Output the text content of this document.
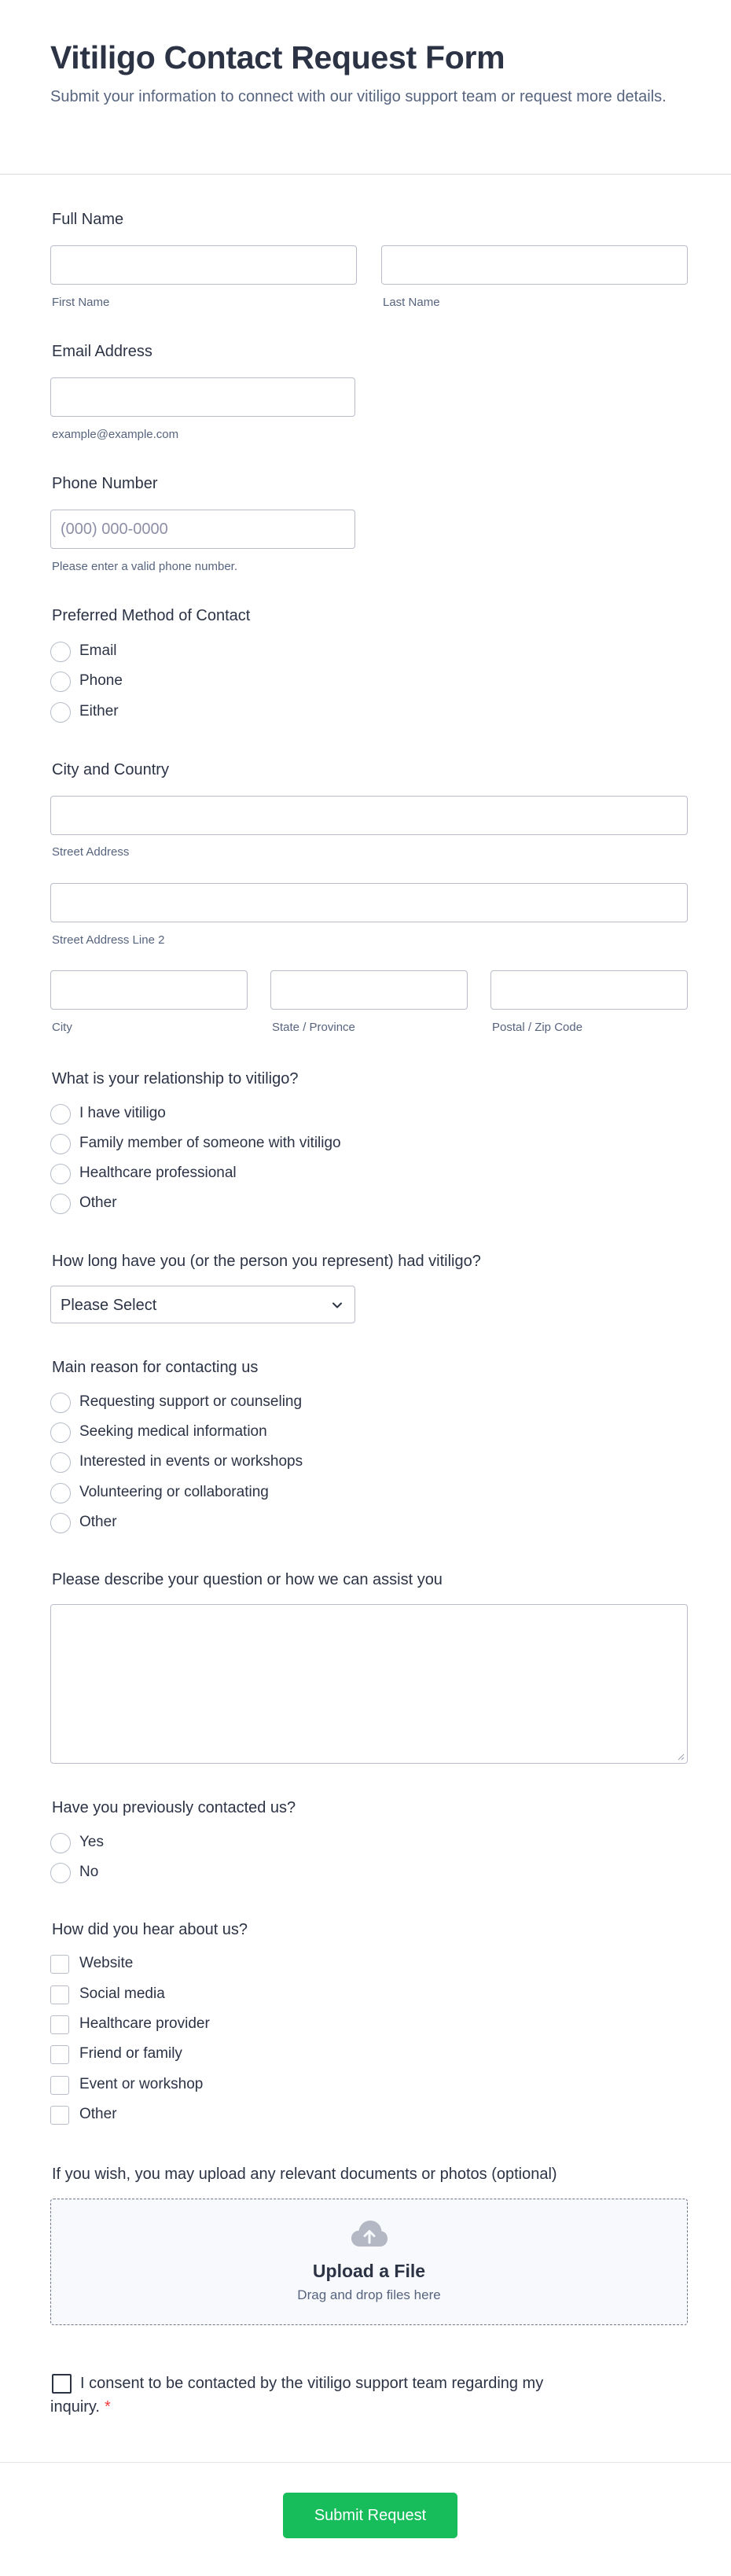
Vitiligo Contact Request Form

Submit your information to connect with our vitiligo support team or request more details.

Full Name
First Name	Last Name
Email Address
example@example.com
Phone Number
(000) 000-0000
Please enter a valid phone number.
Preferred Method of Contact
Email
Phone
Either
City and Country
Street Address
Street Address Line 2
City	State / Province	Postal / Zip Code
What is your relationship to vitiligo?
I have vitiligo
Family member of someone with vitiligo
Healthcare professional
Other
How long have you (or the person you represent) had vitiligo?
Please Select
Main reason for contacting us
Requesting support or counseling
Seeking medical information
Interested in events or workshops
Volunteering or collaborating
Other
Please describe your question or how we can assist you
Have you previously contacted us?
Yes
No
How did you hear about us?
Website
Social media
Healthcare provider
Friend or family
Event or workshop
Other
If you wish, you may upload any relevant documents or photos (optional)
Upload a File
Drag and drop files here
I consent to be contacted by the vitiligo support team regarding my inquiry. *
Submit Request
